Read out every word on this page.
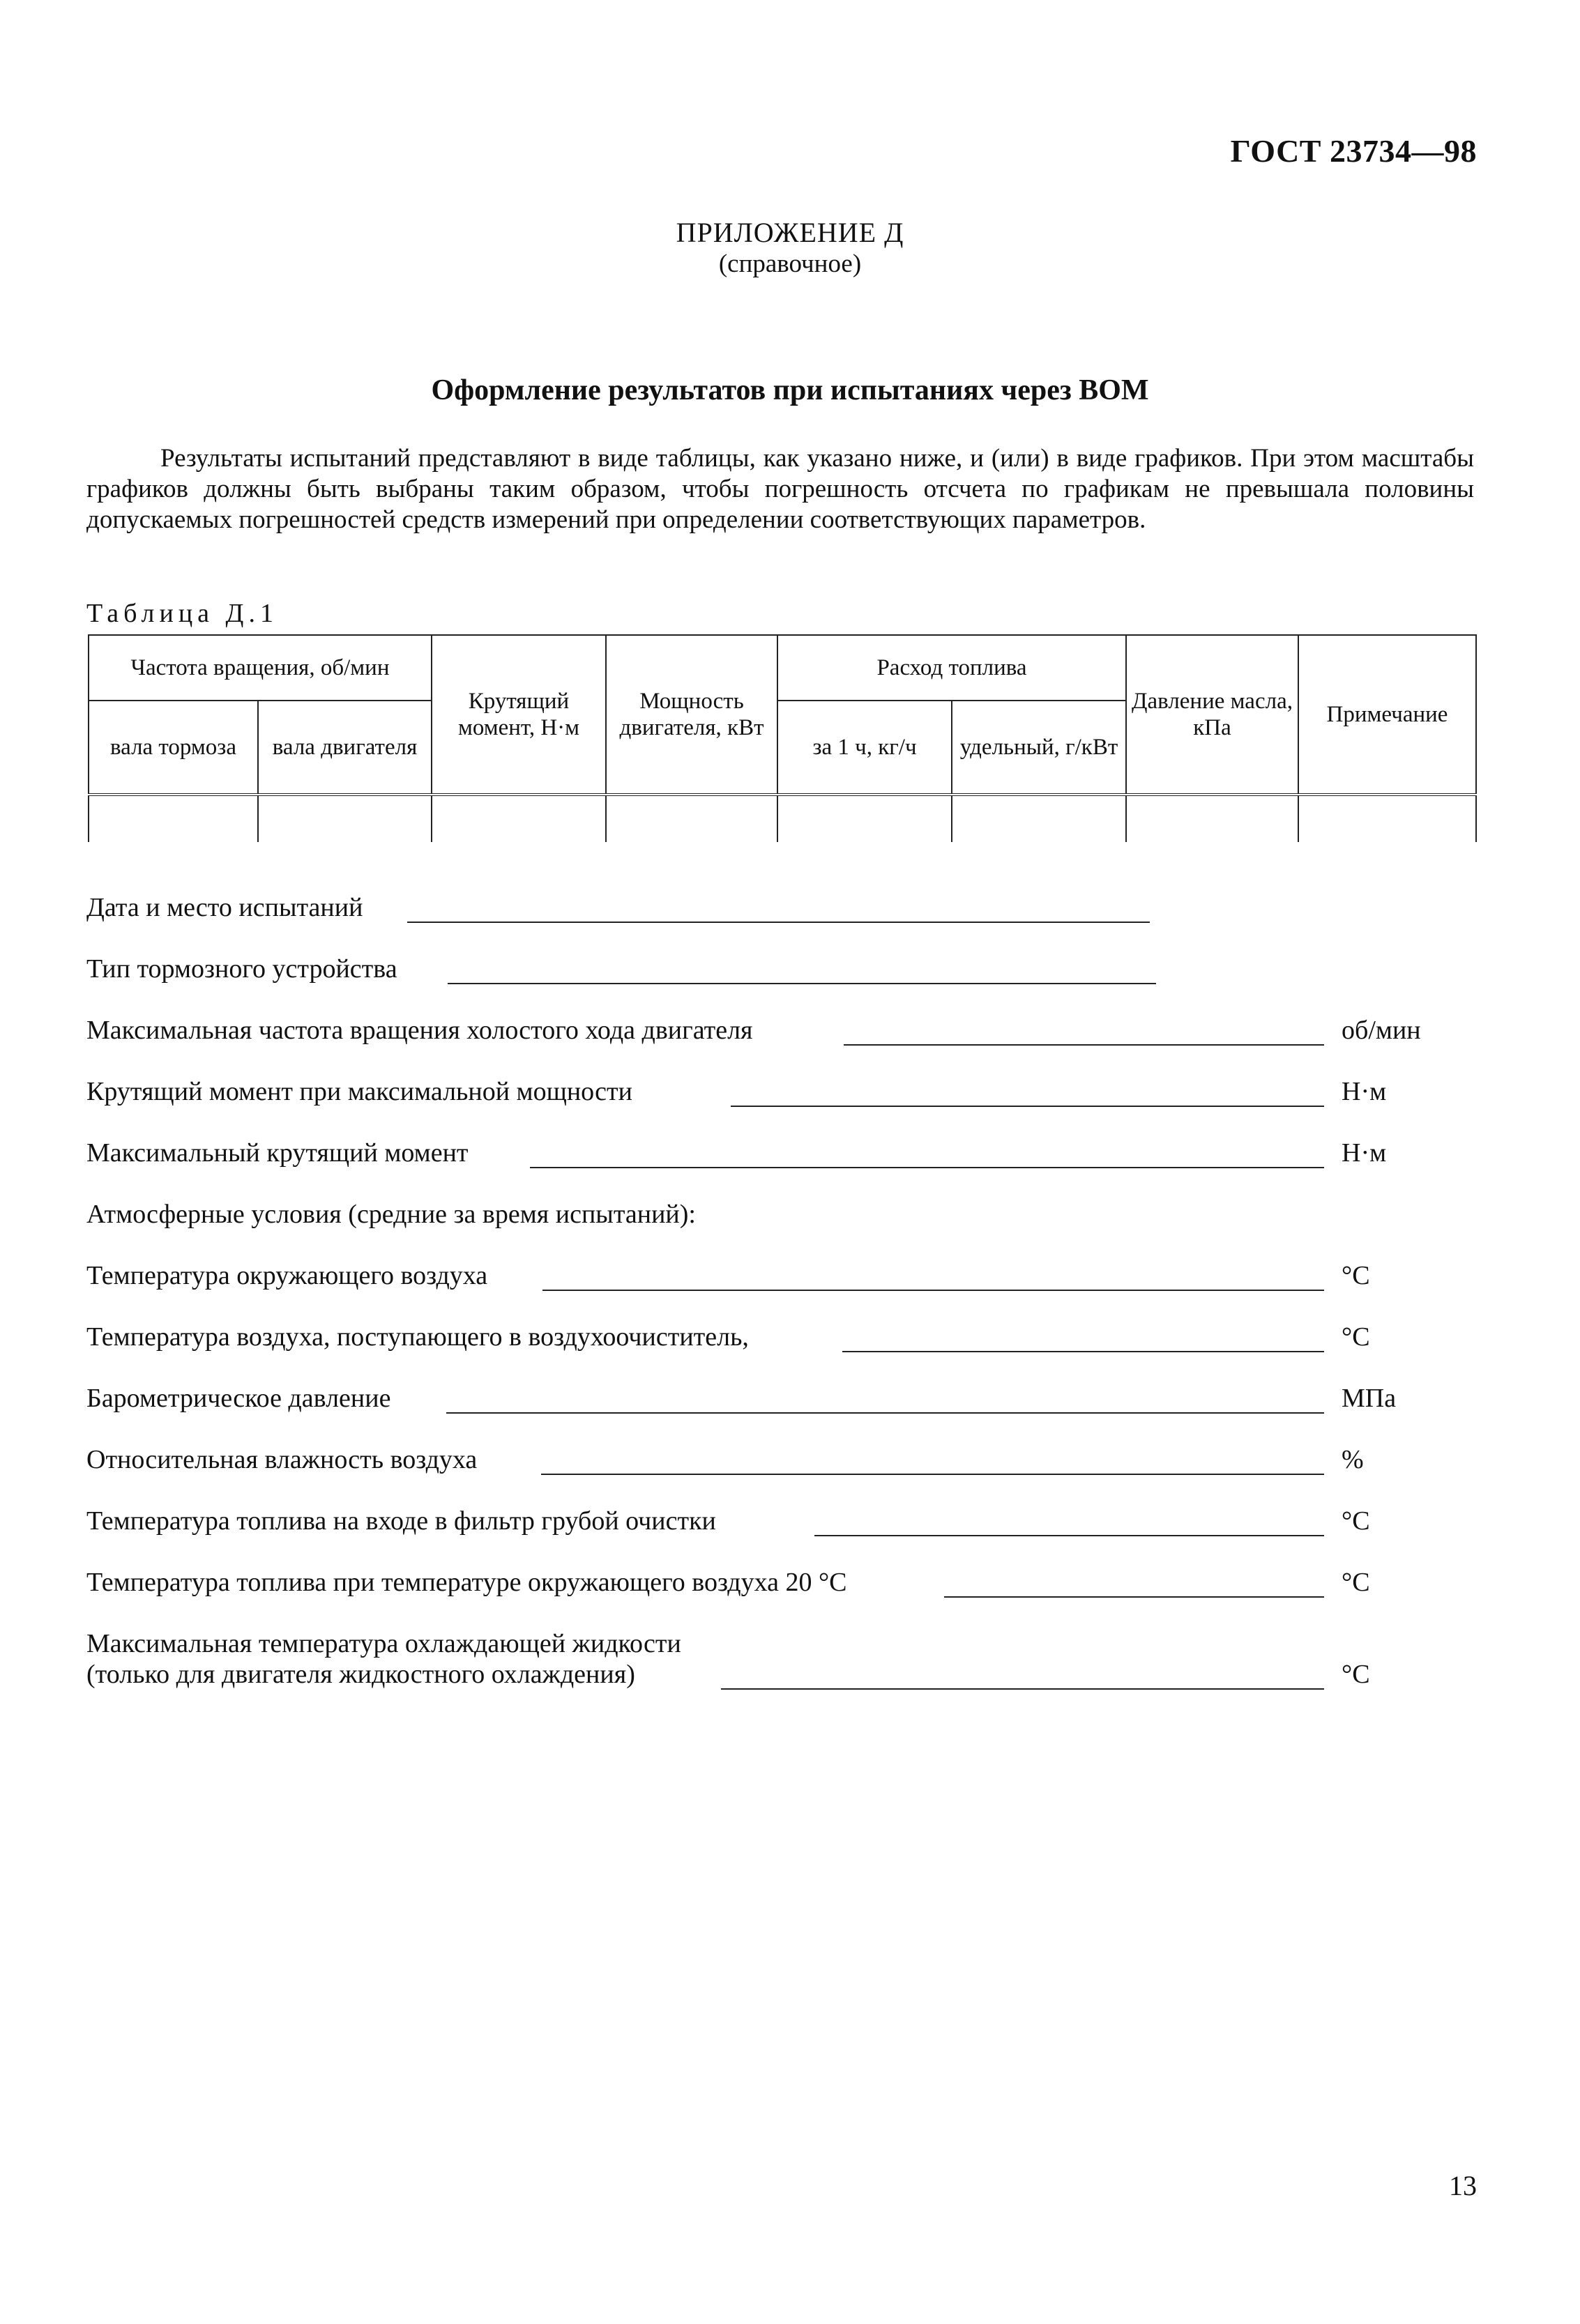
ГОСТ 23734—98
ПРИЛОЖЕНИЕ Д
(справочное)
Оформление результатов при испытаниях через ВОМ

Результаты испытаний представляют в виде таблицы, как указано ниже, и (или) в виде графиков. При этом масштабы графиков должны быть выбраны таким образом, чтобы погрешность отсчета по графикам не превышала половины допускаемых погрешностей средств измерений при определении соответствующих параметров.

Таблица Д.1
Частота вращения, об/мин		Крутящий момент, Н·м	Мощность двигателя, кВт	Расход топлива		Давление масла, кПа	Примечание
вала тормоза	вала двигателя			за 1 ч, кг/ч	удельный, г/кВт		

Дата и место испытаний
Тип тормозного устройства
Максимальная частота вращения холостого хода двигателя	об/мин
Крутящий момент при максимальной мощности	Н·м
Максимальный крутящий момент	Н·м
Атмосферные условия (средние за время испытаний):
Температура окружающего воздуха	°C
Температура воздуха, поступающего в воздухоочиститель,	°C
Барометрическое давление	МПа
Относительная влажность воздуха	%
Температура топлива на входе в фильтр грубой очистки	°C
Температура топлива при температуре окружающего воздуха 20 °C	°C
Максимальная температура охлаждающей жидкости
(только для двигателя жидкостного охлаждения)	°C
13
